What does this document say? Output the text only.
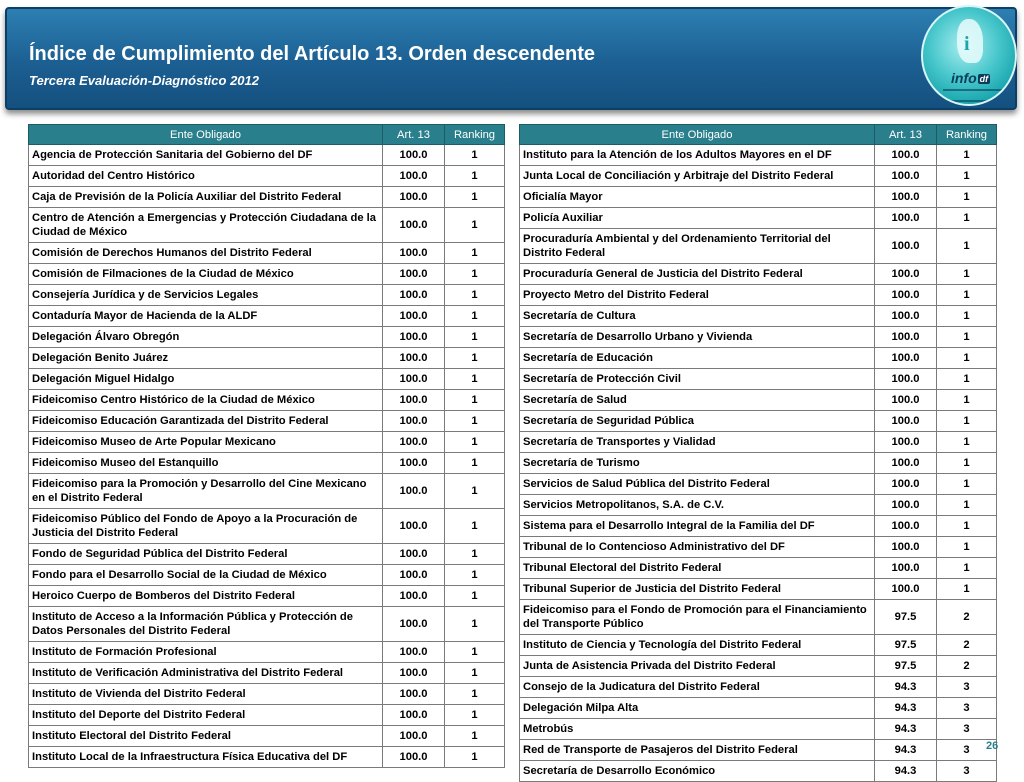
Índice de Cumplimiento del Artículo 13. Orden descendente
Tercera Evaluación-Diagnóstico 2012
i
info df
Ente Obligado	Art. 13	Ranking
Agencia de Protección Sanitaria del Gobierno del DF	100.0	1
Autoridad del Centro Histórico	100.0	1
Caja de Previsión de la Policía Auxiliar del Distrito Federal	100.0	1
Centro de Atención a Emergencias y Protección Ciudadana de la Ciudad de México	100.0	1
Comisión de Derechos Humanos del Distrito Federal	100.0	1
Comisión de Filmaciones de la Ciudad de México	100.0	1
Consejería Jurídica y de Servicios Legales	100.0	1
Contaduría Mayor de Hacienda de la ALDF	100.0	1
Delegación Álvaro Obregón	100.0	1
Delegación Benito Juárez	100.0	1
Delegación Miguel Hidalgo	100.0	1
Fideicomiso Centro Histórico de la Ciudad de México	100.0	1
Fideicomiso Educación Garantizada del Distrito Federal	100.0	1
Fideicomiso Museo de Arte Popular Mexicano	100.0	1
Fideicomiso Museo del Estanquillo	100.0	1
Fideicomiso para la Promoción y Desarrollo del Cine Mexicano en el Distrito Federal	100.0	1
Fideicomiso Público del Fondo de Apoyo a la Procuración de Justicia del Distrito Federal	100.0	1
Fondo de Seguridad Pública del Distrito Federal	100.0	1
Fondo para el Desarrollo Social de la Ciudad de México	100.0	1
Heroico Cuerpo de Bomberos del Distrito Federal	100.0	1
Instituto de Acceso a la Información Pública y Protección de Datos Personales del Distrito Federal	100.0	1
Instituto de Formación Profesional	100.0	1
Instituto de Verificación Administrativa del Distrito Federal	100.0	1
Instituto de Vivienda del Distrito Federal	100.0	1
Instituto del Deporte del Distrito Federal	100.0	1
Instituto Electoral del Distrito Federal	100.0	1
Instituto Local de la Infraestructura Física Educativa del DF	100.0	1
Ente Obligado	Art. 13	Ranking
Instituto para la Atención de los Adultos Mayores en el DF	100.0	1
Junta Local de Conciliación y Arbitraje del Distrito Federal	100.0	1
Oficialía Mayor	100.0	1
Policía Auxiliar	100.0	1
Procuraduría Ambiental y del Ordenamiento Territorial del Distrito Federal	100.0	1
Procuraduría General de Justicia del Distrito Federal	100.0	1
Proyecto Metro del Distrito Federal	100.0	1
Secretaría de Cultura	100.0	1
Secretaría de Desarrollo Urbano y Vivienda	100.0	1
Secretaría de Educación	100.0	1
Secretaría de Protección Civil	100.0	1
Secretaría de Salud	100.0	1
Secretaría de Seguridad Pública	100.0	1
Secretaría de Transportes y Vialidad	100.0	1
Secretaría de Turismo	100.0	1
Servicios de Salud Pública del Distrito Federal	100.0	1
Servicios Metropolitanos, S.A. de C.V.	100.0	1
Sistema para el Desarrollo Integral de la Familia del DF	100.0	1
Tribunal de lo Contencioso Administrativo del DF	100.0	1
Tribunal Electoral del Distrito Federal	100.0	1
Tribunal Superior de Justicia del Distrito Federal	100.0	1
Fideicomiso para el Fondo de Promoción para el Financiamiento del Transporte Público	97.5	2
Instituto de Ciencia y Tecnología del Distrito Federal	97.5	2
Junta de Asistencia Privada del Distrito Federal	97.5	2
Consejo de la Judicatura del Distrito Federal	94.3	3
Delegación Milpa Alta	94.3	3
Metrobús	94.3	3
Red de Transporte de Pasajeros del Distrito Federal	94.3	3
Secretaría de Desarrollo Económico	94.3	3
26
